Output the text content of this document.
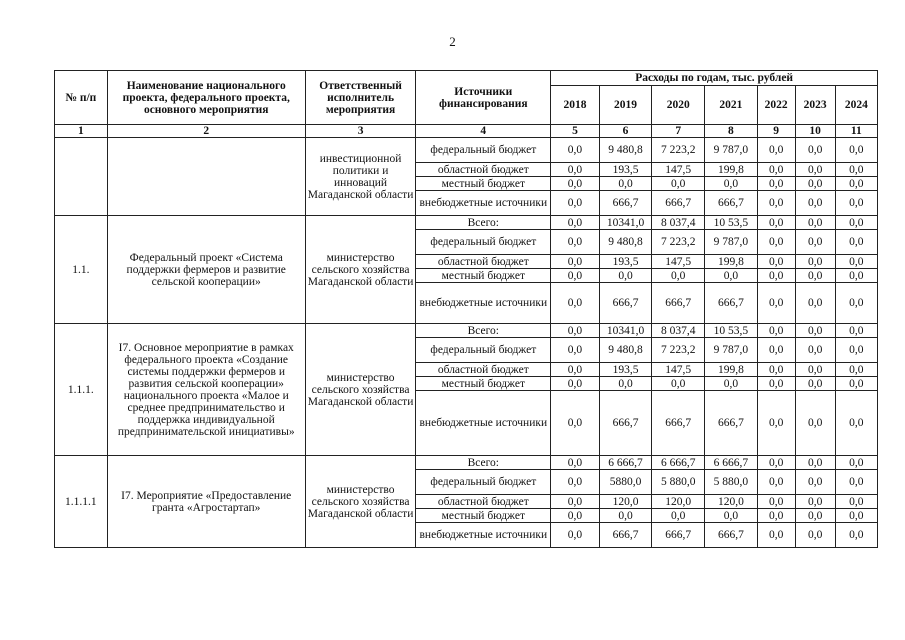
2
№ п/п	Наименование национального проекта, федерального проекта, основного мероприятия	Ответственный исполнитель мероприятия	Источники финансирования	Расходы по годам, тыс. рублей						
				2018	2019	2020	2021	2022	2023	2024
1	2	3	4	5	6	7	8	9	10	11
		инвестиционной политики и инноваций Магаданской области	федеральный бюджет	0,0	9 480,8	7 223,2	9 787,0	0,0	0,0	0,0
			областной бюджет	0,0	193,5	147,5	199,8	0,0	0,0	0,0
			местный бюджет	0,0	0,0	0,0	0,0	0,0	0,0	0,0
			внебюджетные источники	0,0	666,7	666,7	666,7	0,0	0,0	0,0
1.1.	Федеральный проект «Система поддержки фермеров и развитие сельской кооперации»	министерство сельского хозяйства Магаданской области	Всего:	0,0	10341,0	8 037,4	10 53,5	0,0	0,0	0,0
			федеральный бюджет	0,0	9 480,8	7 223,2	9 787,0	0,0	0,0	0,0
			областной бюджет	0,0	193,5	147,5	199,8	0,0	0,0	0,0
			местный бюджет	0,0	0,0	0,0	0,0	0,0	0,0	0,0
			внебюджетные источники	0,0	666,7	666,7	666,7	0,0	0,0	0,0
1.1.1.	I7. Основное мероприятие в рамках федерального проекта «Создание системы поддержки фермеров и развития сельской кооперации» национального проекта «Малое и среднее предпринимательство и поддержка индивидуальной предпринимательской инициативы»	министерство сельского хозяйства Магаданской области	Всего:	0,0	10341,0	8 037,4	10 53,5	0,0	0,0	0,0
			федеральный бюджет	0,0	9 480,8	7 223,2	9 787,0	0,0	0,0	0,0
			областной бюджет	0,0	193,5	147,5	199,8	0,0	0,0	0,0
			местный бюджет	0,0	0,0	0,0	0,0	0,0	0,0	0,0
			внебюджетные источники	0,0	666,7	666,7	666,7	0,0	0,0	0,0
1.1.1.1	I7. Мероприятие «Предоставление гранта «Агростартап»	министерство сельского хозяйства Магаданской области	Всего:	0,0	6 666,7	6 666,7	6 666,7	0,0	0,0	0,0
			федеральный бюджет	0,0	5880,0	5 880,0	5 880,0	0,0	0,0	0,0
			областной бюджет	0,0	120,0	120,0	120,0	0,0	0,0	0,0
			местный бюджет	0,0	0,0	0,0	0,0	0,0	0,0	0,0
			внебюджетные источники	0,0	666,7	666,7	666,7	0,0	0,0	0,0
